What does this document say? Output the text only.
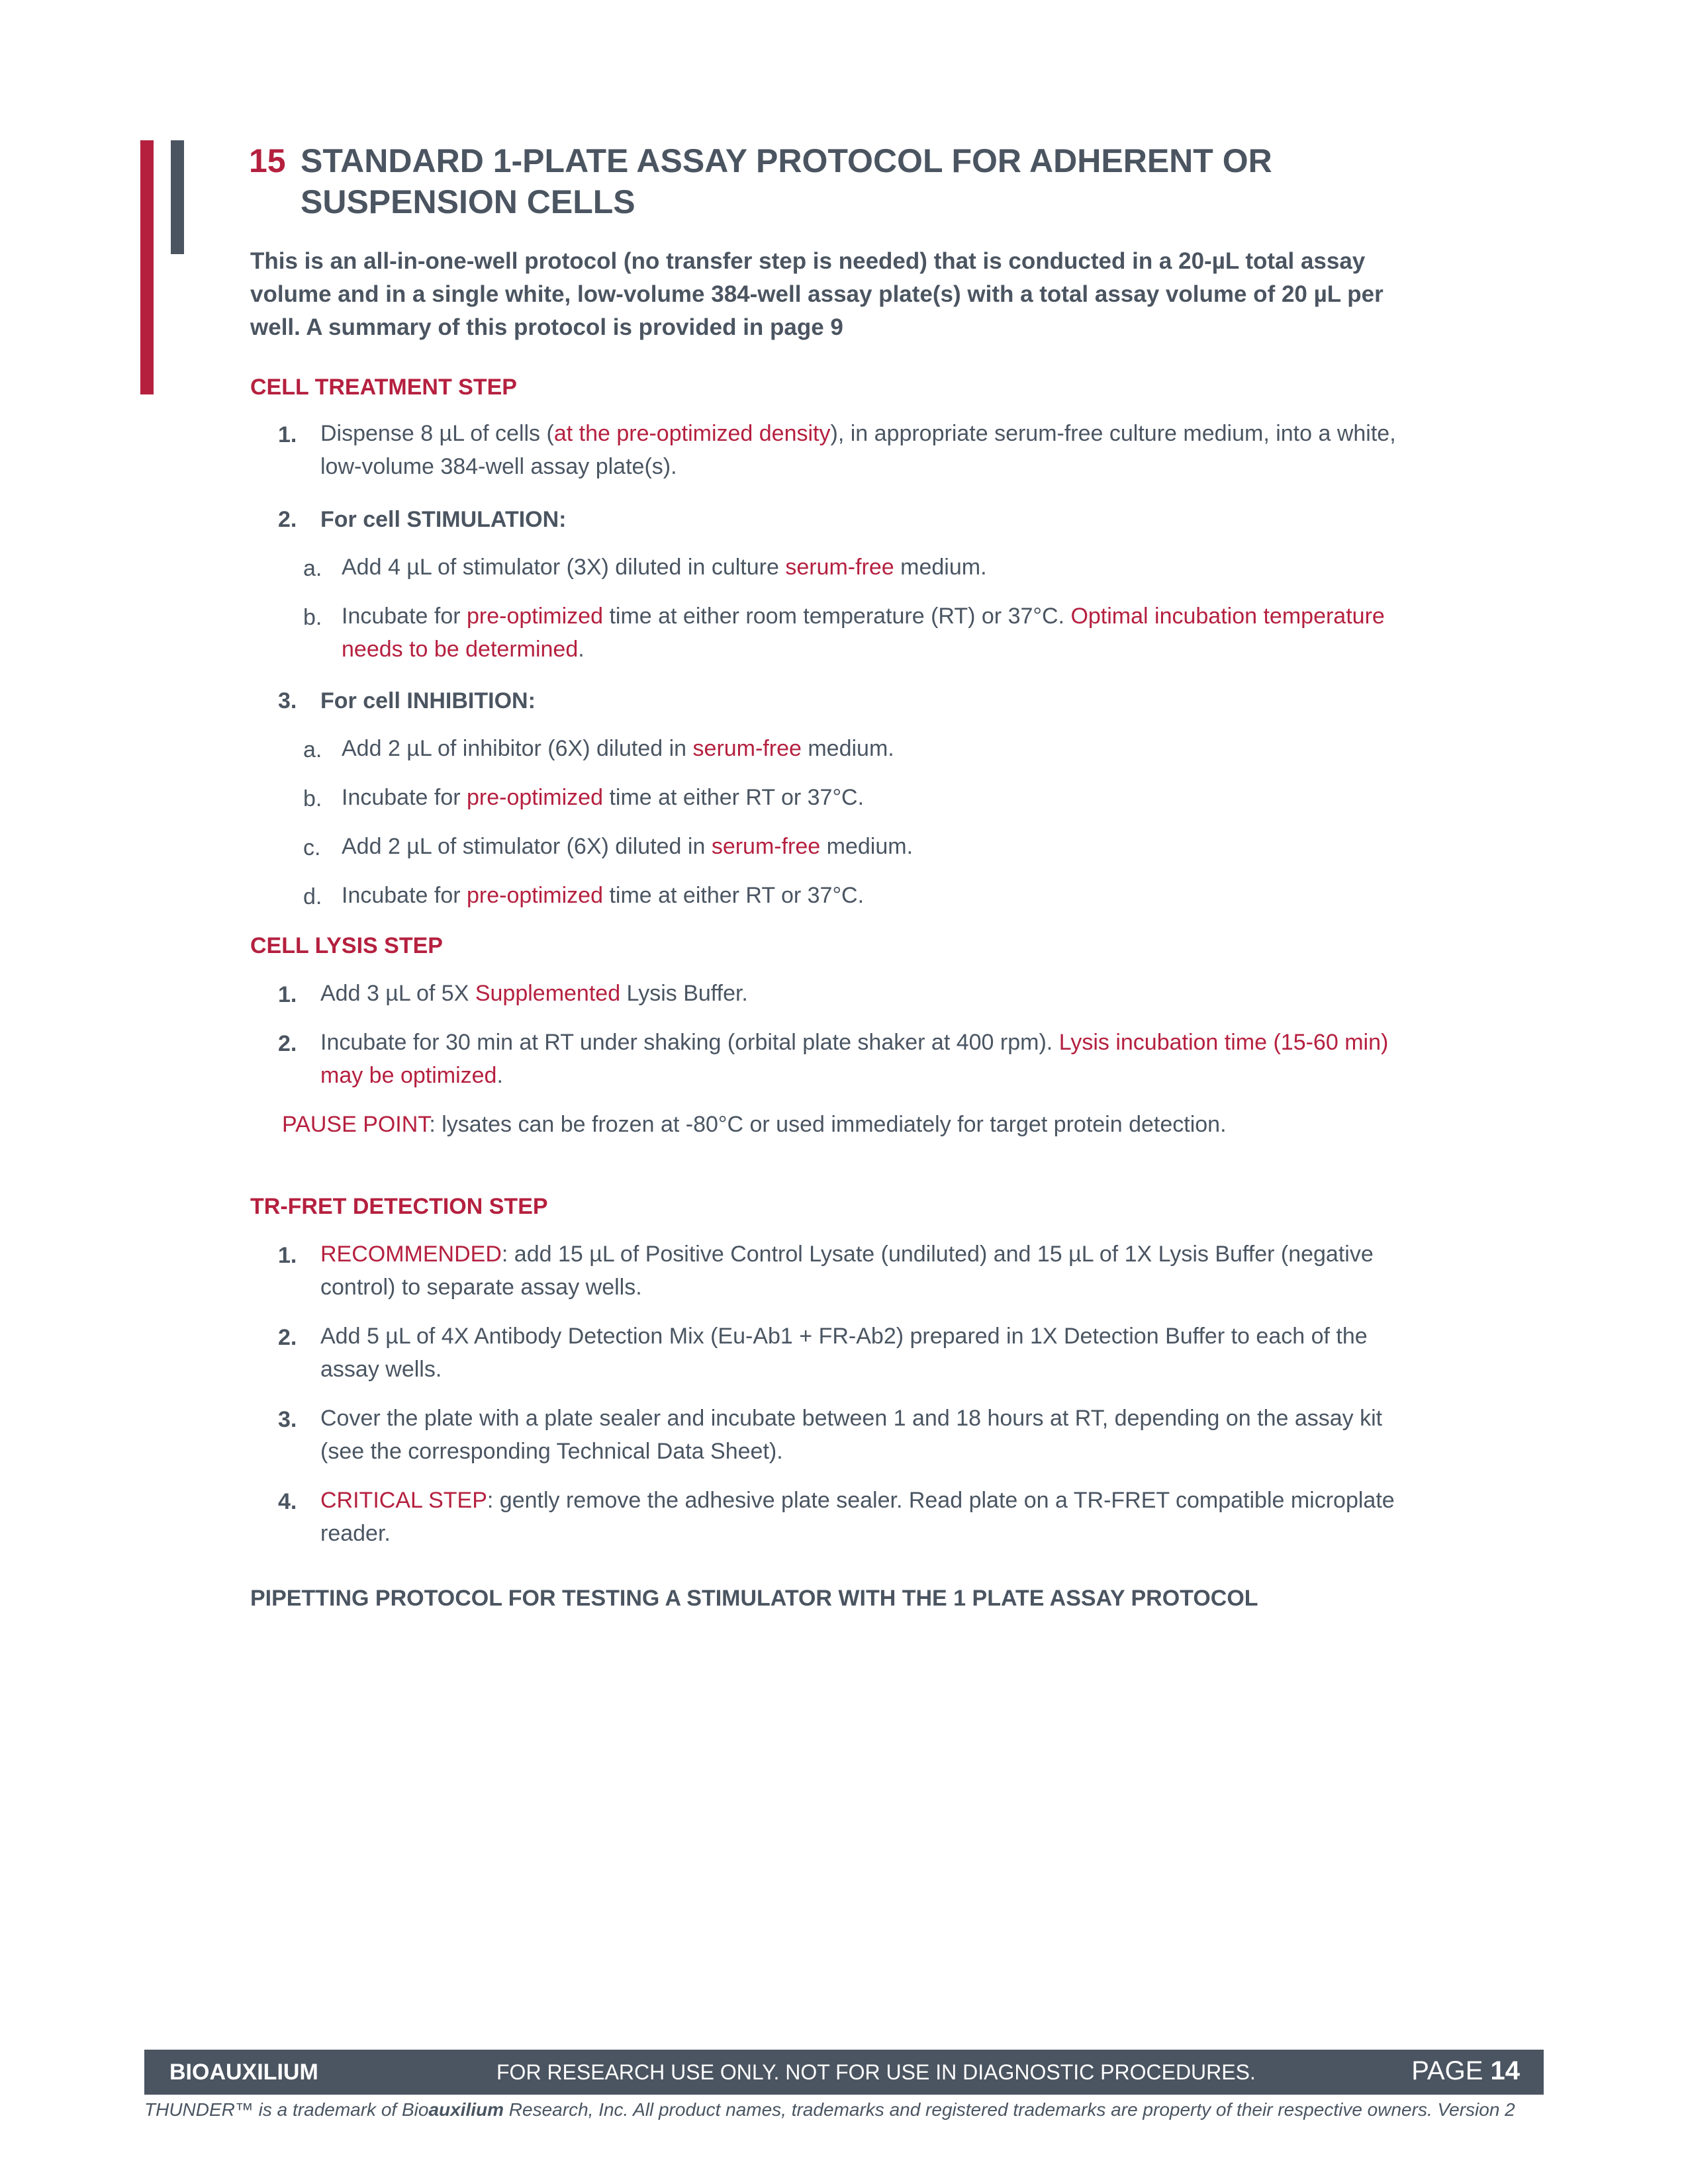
15 STANDARD 1-PLATE ASSAY PROTOCOL FOR ADHERENT OR SUSPENSION CELLS
This is an all-in-one-well protocol (no transfer step is needed) that is conducted in a 20-µL total assay volume and in a single white, low-volume 384-well assay plate(s) with a total assay volume of 20 µL per well. A summary of this protocol is provided in page 9
CELL TREATMENT STEP
1. Dispense 8 µL of cells (at the pre-optimized density), in appropriate serum-free culture medium, into a white, low-volume 384-well assay plate(s).
2. For cell STIMULATION:
a. Add 4 µL of stimulator (3X) diluted in culture serum-free medium.
b. Incubate for pre-optimized time at either room temperature (RT) or 37°C. Optimal incubation temperature needs to be determined.
3. For cell INHIBITION:
a. Add 2 µL of inhibitor (6X) diluted in serum-free medium.
b. Incubate for pre-optimized time at either RT or 37°C.
c. Add 2 µL of stimulator (6X) diluted in serum-free medium.
d. Incubate for pre-optimized time at either RT or 37°C.
CELL LYSIS STEP
1. Add 3 µL of 5X Supplemented Lysis Buffer.
2. Incubate for 30 min at RT under shaking (orbital plate shaker at 400 rpm). Lysis incubation time (15-60 min) may be optimized.
PAUSE POINT: lysates can be frozen at -80°C or used immediately for target protein detection.
TR-FRET DETECTION STEP
1. RECOMMENDED: add 15 µL of Positive Control Lysate (undiluted) and 15 µL of 1X Lysis Buffer (negative control) to separate assay wells.
2. Add 5 µL of 4X Antibody Detection Mix (Eu-Ab1 + FR-Ab2) prepared in 1X Detection Buffer to each of the assay wells.
3. Cover the plate with a plate sealer and incubate between 1 and 18 hours at RT, depending on the assay kit (see the corresponding Technical Data Sheet).
4. CRITICAL STEP: gently remove the adhesive plate sealer. Read plate on a TR-FRET compatible microplate reader.
PIPETTING PROTOCOL FOR TESTING A STIMULATOR WITH THE 1 PLATE ASSAY PROTOCOL
BIOAUXILIUM	FOR RESEARCH USE ONLY. NOT FOR USE IN DIAGNOSTIC PROCEDURES.	PAGE 14
THUNDER™ is a trademark of Bioauxilium Research, Inc. All product names, trademarks and registered trademarks are property of their respective owners. Version 2
